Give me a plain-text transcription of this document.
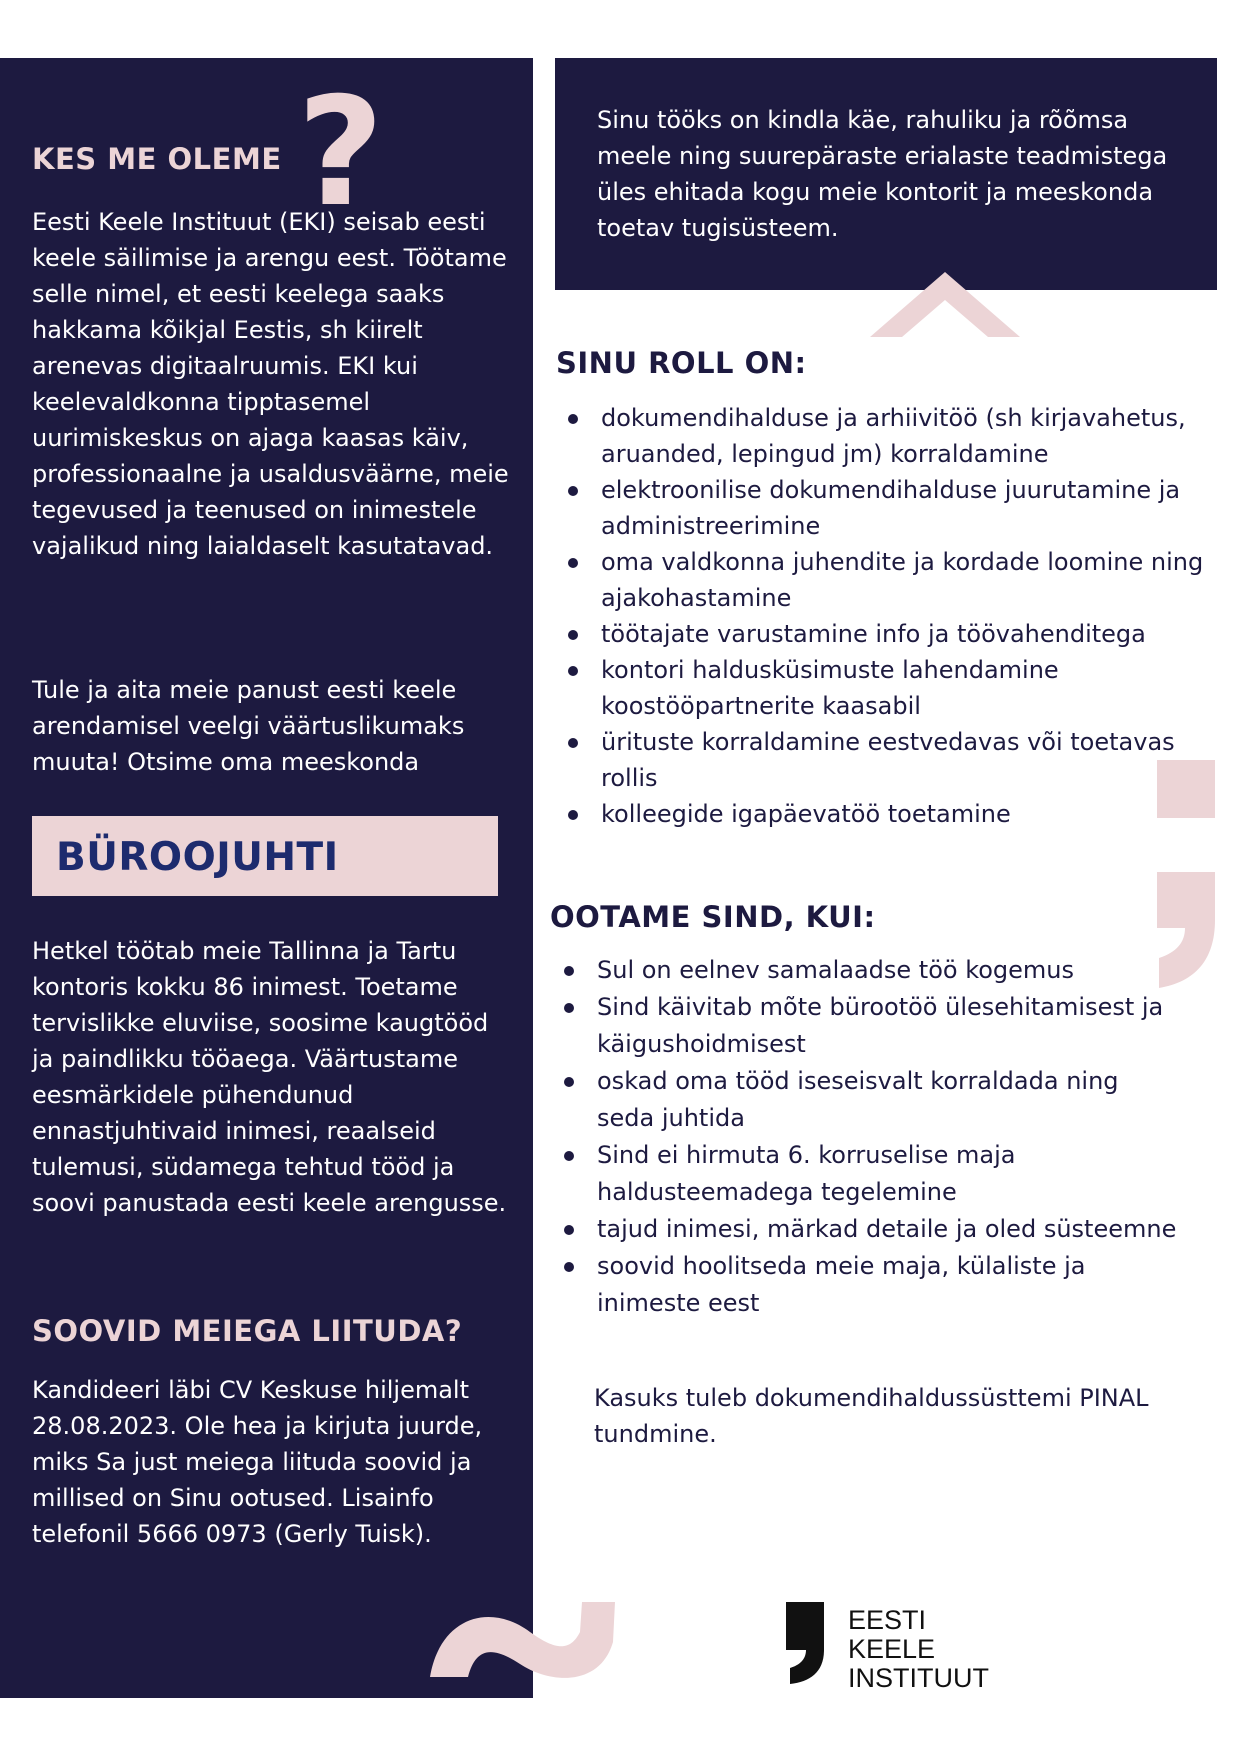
?
KES ME OLEME

Eesti Keele Instituut (EKI) seisab eesti keele säilimise ja arengu eest. Töötame selle nimel, et eesti keelega saaks hakkama kõikjal Eestis, sh kiirelt arenevas digitaalruumis. EKI kui keelevaldkonna tipptasemel uurimiskeskus on ajaga kaasas käiv, professionaalne ja usaldusväärne, meie tegevused ja teenused on inimestele vajalikud ning laialdaselt kasutatavad.

Tule ja aita meie panust eesti keele arendamisel veelgi väärtuslikumaks muuta! Otsime oma meeskonda

BÜROOJUHTI

Hetkel töötab meie Tallinna ja Tartu kontoris kokku 86 inimest. Toetame tervislikke eluviise, soosime kaugtööd ja paindlikku tööaega. Väärtustame eesmärkidele pühendunud ennastjuhtivaid inimesi, reaalseid tulemusi, südamega tehtud tööd ja soovi panustada eesti keele arengusse.

SOOVID MEIEGA LIITUDA?

Kandideeri läbi CV Keskuse hiljemalt 28.08.2023. Ole hea ja kirjuta juurde, miks Sa just meiega liituda soovid ja millised on Sinu ootused. Lisainfo telefonil 5666 0973 (Gerly Tuisk).

Sinu tööks on kindla käe, rahuliku ja rõõmsa meele ning suurepäraste erialaste teadmistega üles ehitada kogu meie kontorit ja meeskonda toetav tugisüsteem.

SINU ROLL ON:
dokumendihalduse ja arhiivitöö (sh kirjavahetus, aruanded, lepingud jm) korraldamine
elektroonilise dokumendihalduse juurutamine ja administreerimine
oma valdkonna juhendite ja kordade loomine ning ajakohastamine
töötajate varustamine info ja töövahenditega
kontori haldusküsimuste lahendamine koostööpartnerite kaasabil
ürituste korraldamine eestvedavas või toetavas rollis
kolleegide igapäevatöö toetamine
OOTAME SIND, KUI:
Sul on eelnev samalaadse töö kogemus
Sind käivitab mõte bürootöö ülesehitamisest ja käigushoidmisest
oskad oma tööd iseseisvalt korraldada ning seda juhtida
Sind ei hirmuta 6. korruselise maja haldusteemadega tegelemine
tajud inimesi, märkad detaile ja oled süsteemne
soovid hoolitseda meie maja, külaliste ja inimeste eest

Kasuks tuleb dokumendihaldussüsttemi PINAL tundmine.

EESTI
KEELE
INSTITUUT
